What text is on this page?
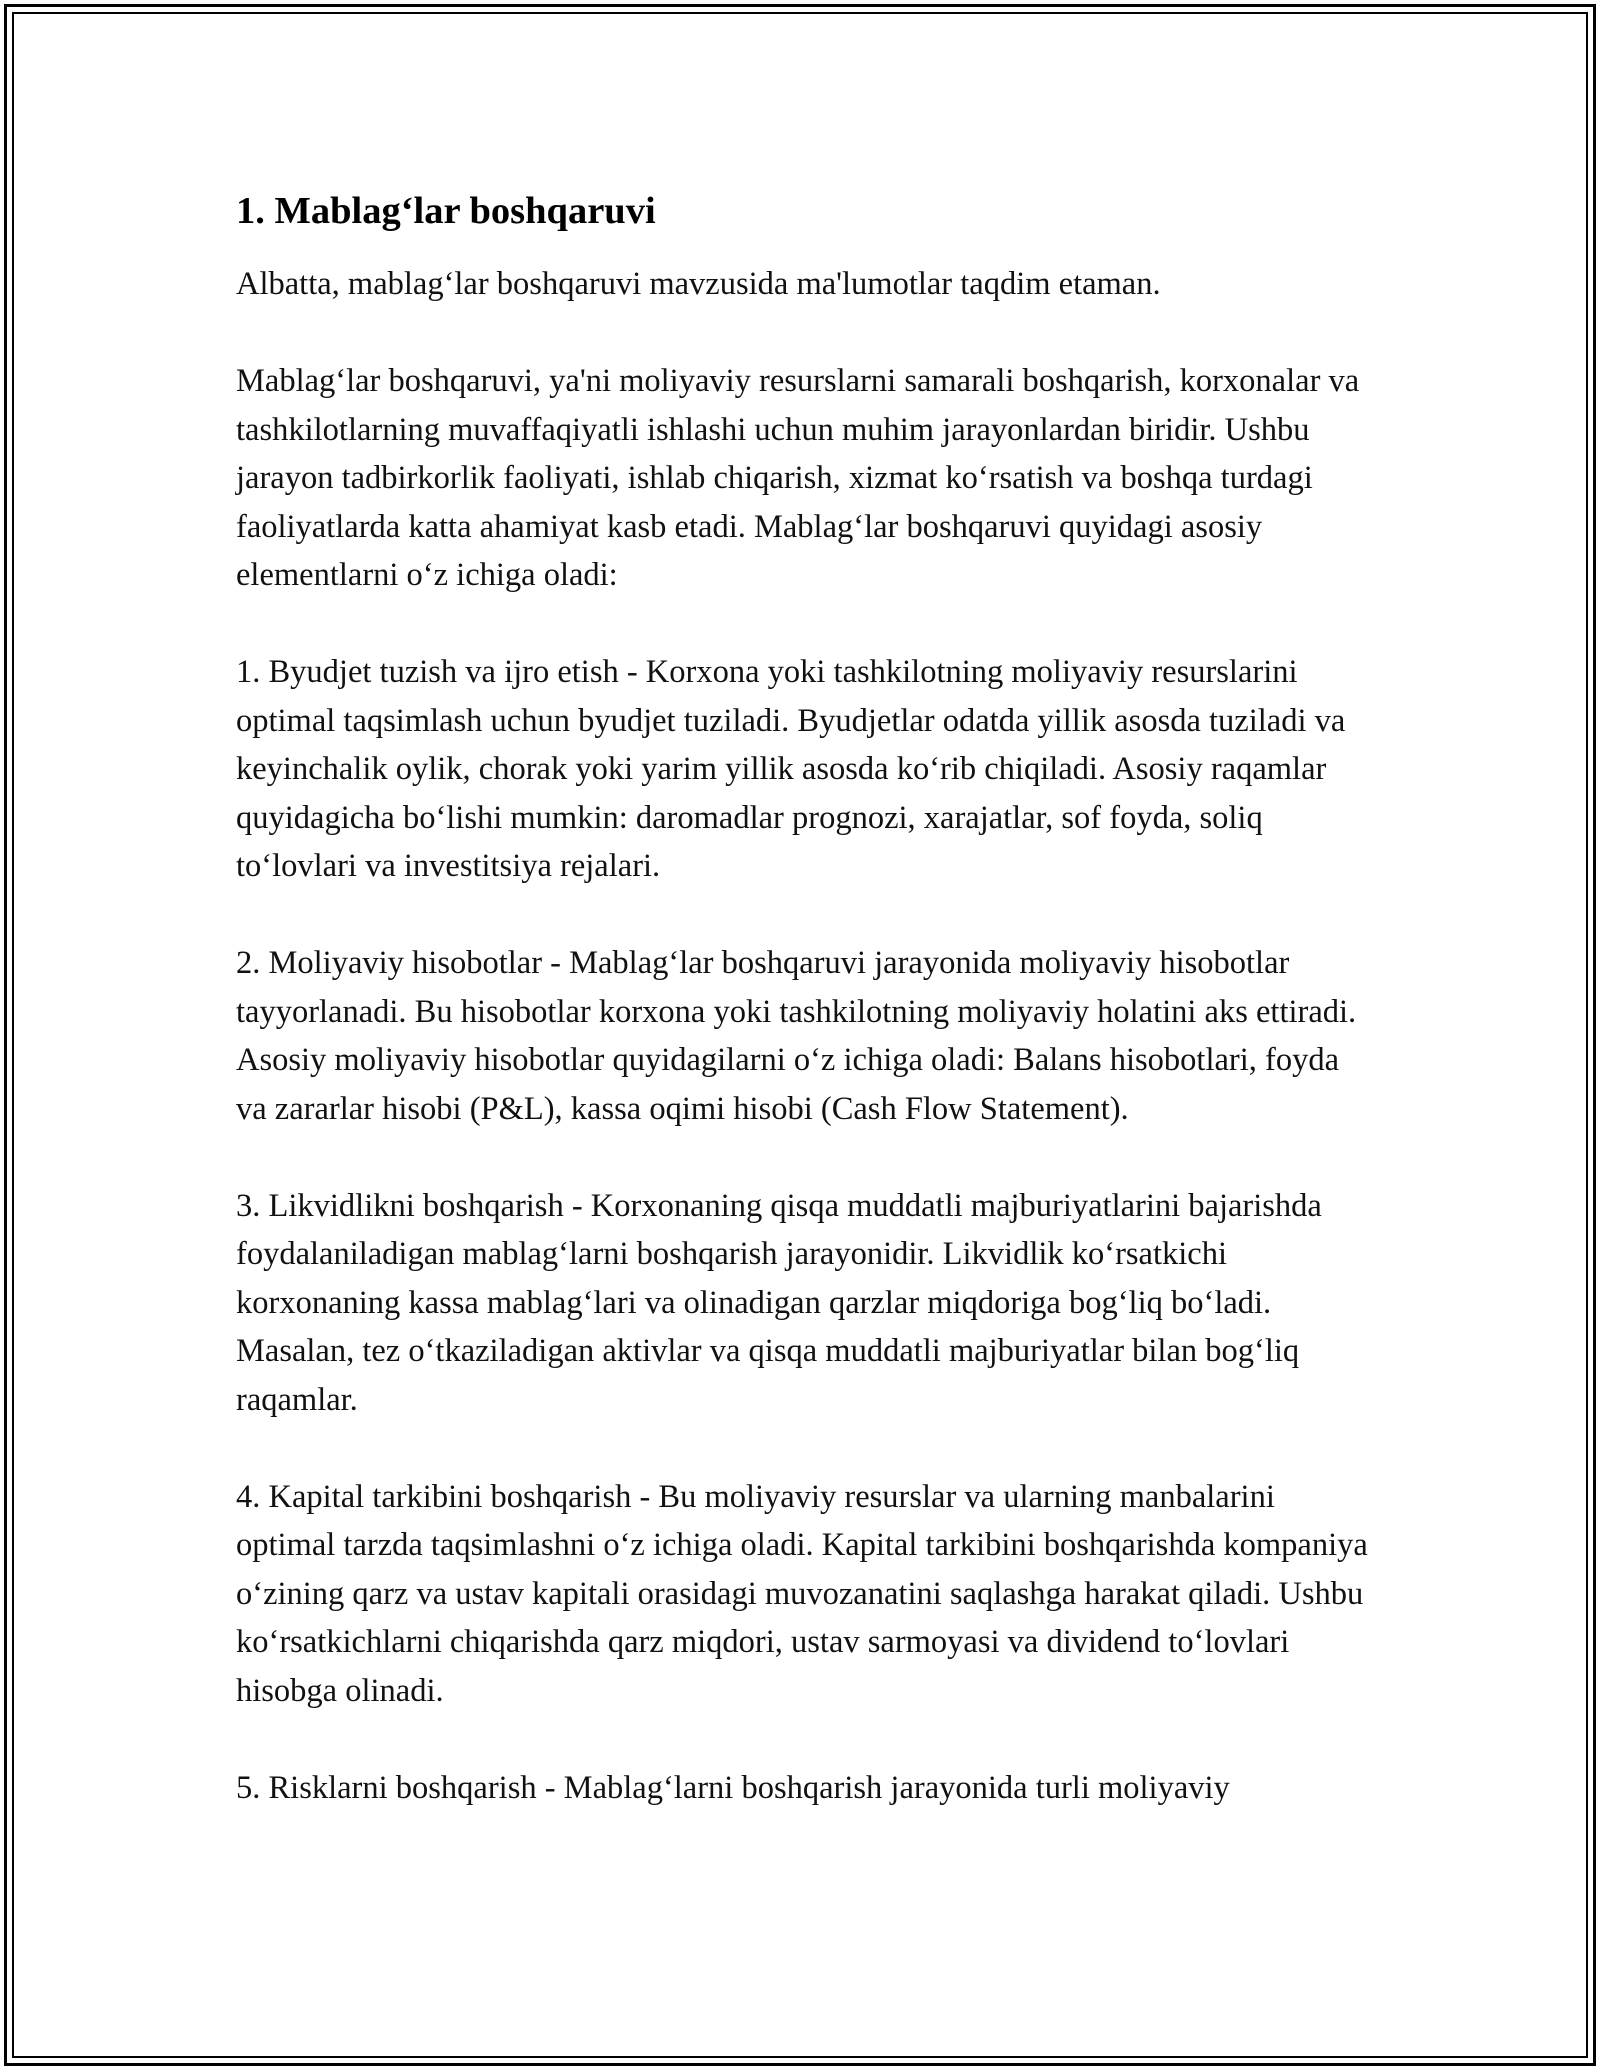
1. Mablag‘lar boshqaruvi

Albatta, mablag‘lar boshqaruvi mavzusida ma'lumotlar taqdim etaman.

Mablag‘lar boshqaruvi, ya'ni moliyaviy resurslarni samarali boshqarish, korxonalar va tashkilotlarning muvaffaqiyatli ishlashi uchun muhim jarayonlardan biridir. Ushbu jarayon tadbirkorlik faoliyati, ishlab chiqarish, xizmat ko‘rsatish va boshqa turdagi faoliyatlarda katta ahamiyat kasb etadi. Mablag‘lar boshqaruvi quyidagi asosiy elementlarni o‘z ichiga oladi:

1. Byudjet tuzish va ijro etish - Korxona yoki tashkilotning moliyaviy resurslarini optimal taqsimlash uchun byudjet tuziladi. Byudjetlar odatda yillik asosda tuziladi va keyinchalik oylik, chorak yoki yarim yillik asosda ko‘rib chiqiladi. Asosiy raqamlar quyidagicha bo‘lishi mumkin: daromadlar prognozi, xarajatlar, sof foyda, soliq to‘lovlari va investitsiya rejalari.

2. Moliyaviy hisobotlar - Mablag‘lar boshqaruvi jarayonida moliyaviy hisobotlar tayyorlanadi. Bu hisobotlar korxona yoki tashkilotning moliyaviy holatini aks ettiradi. Asosiy moliyaviy hisobotlar quyidagilarni o‘z ichiga oladi: Balans hisobotlari, foyda va zararlar hisobi (P&L), kassa oqimi hisobi (Cash Flow Statement).

3. Likvidlikni boshqarish - Korxonaning qisqa muddatli majburiyatlarini bajarishda foydalaniladigan mablag‘larni boshqarish jarayonidir. Likvidlik ko‘rsatkichi korxonaning kassa mablag‘lari va olinadigan qarzlar miqdoriga bog‘liq bo‘ladi. Masalan, tez o‘tkaziladigan aktivlar va qisqa muddatli majburiyatlar bilan bog‘liq raqamlar.

4. Kapital tarkibini boshqarish - Bu moliyaviy resurslar va ularning manbalarini optimal tarzda taqsimlashni o‘z ichiga oladi. Kapital tarkibini boshqarishda kompaniya o‘zining qarz va ustav kapitali orasidagi muvozanatini saqlashga harakat qiladi. Ushbu ko‘rsatkichlarni chiqarishda qarz miqdori, ustav sarmoyasi va dividend to‘lovlari hisobga olinadi.

5. Risklarni boshqarish - Mablag‘larni boshqarish jarayonida turli moliyaviy
